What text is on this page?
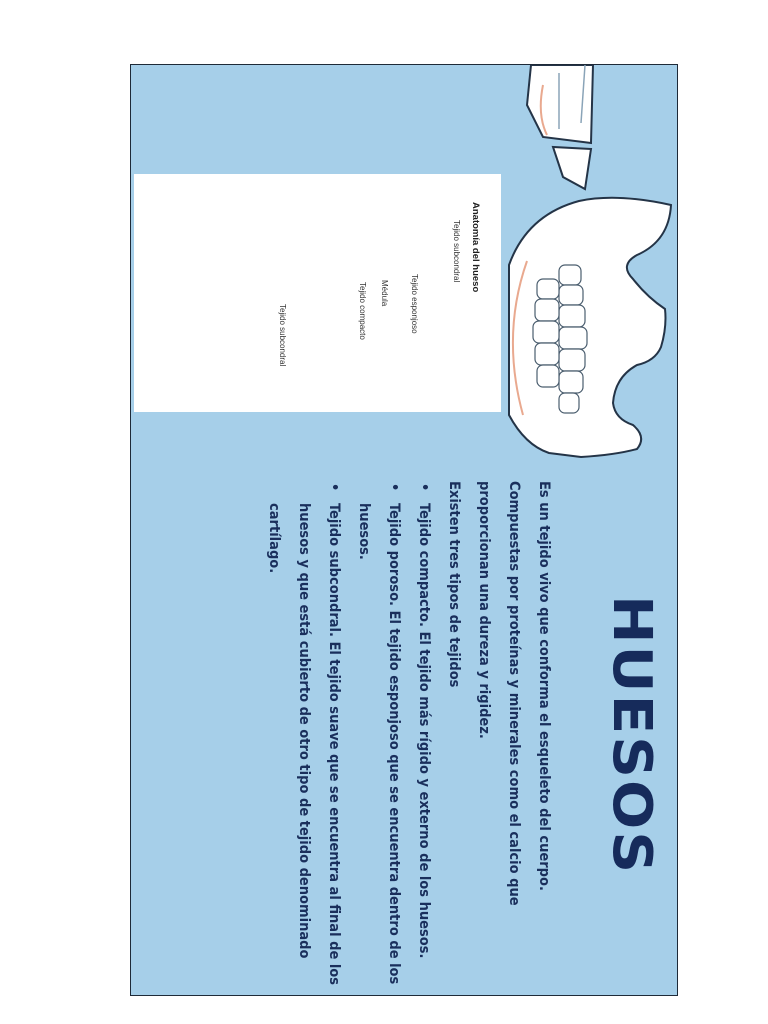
Anatomía del hueso
Tejido subcondral
Tejido esponjoso
Médula
Tejido compacto
Tejido subcondral
HUESOS

Es un tejido vivo que conforma el esqueleto del cuerpo.

Compuestas por proteínas y minerales como el calcio que proporcionan una dureza y rigidez.

Existen tres tipos de tejidos

• Tejido compacto. El tejido más rígido y externo de los huesos.
• Tejido poroso. El tejido esponjoso que se encuentra dentro de los huesos.
• Tejido subcondral. El tejido suave que se encuentra al final de los huesos y que está cubierto de otro tipo de tejido denominado cartílago.
